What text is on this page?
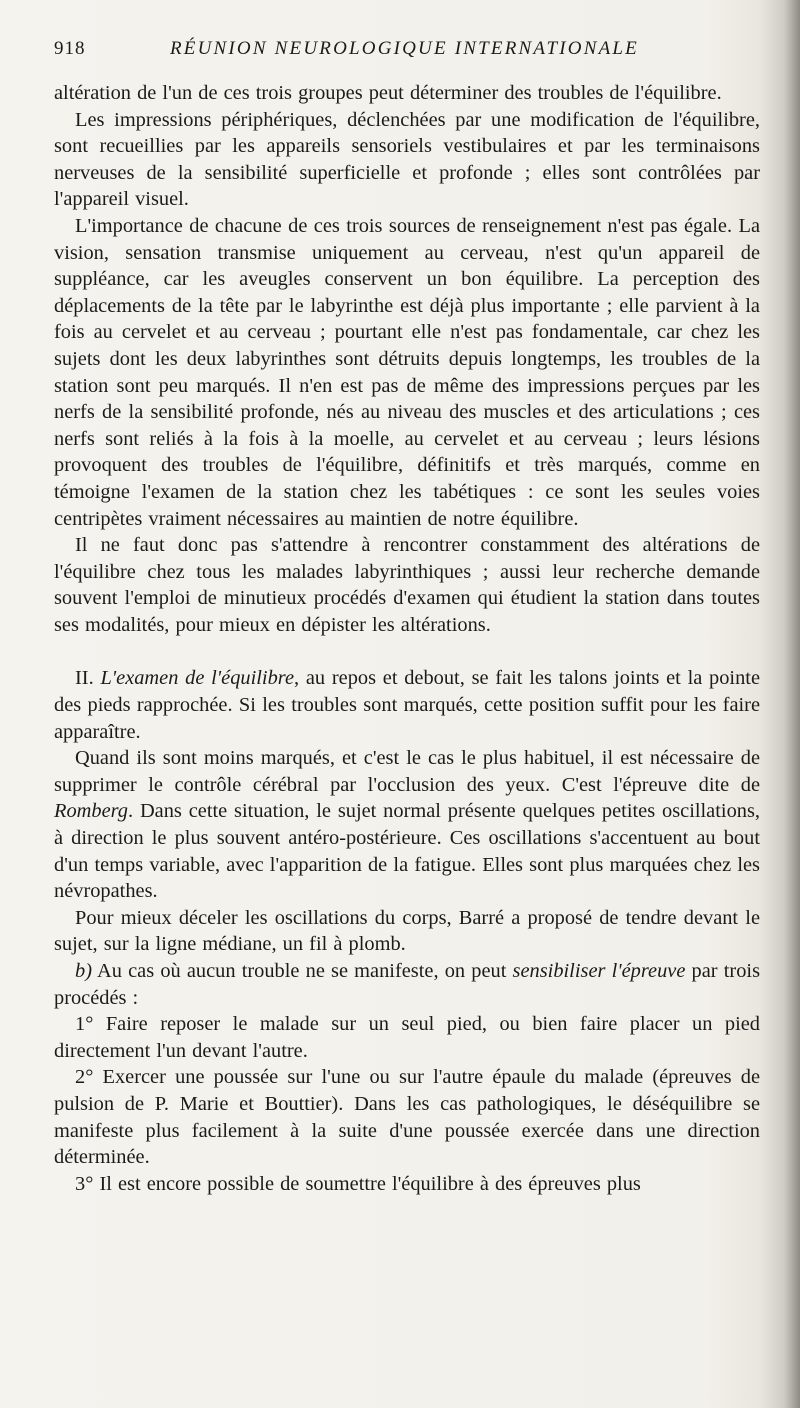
918	RÉUNION NEUROLOGIQUE INTERNATIONALE

altération de l'un de ces trois groupes peut déterminer des troubles de l'équilibre.

Les impressions périphériques, déclenchées par une modification de l'équilibre, sont recueillies par les appareils sensoriels vestibulaires et par les terminaisons nerveuses de la sensibilité superficielle et profonde ; elles sont contrôlées par l'appareil visuel.

L'importance de chacune de ces trois sources de renseignement n'est pas égale. La vision, sensation transmise uniquement au cerveau, n'est qu'un appareil de suppléance, car les aveugles conservent un bon équilibre. La perception des déplacements de la tête par le labyrinthe est déjà plus importante ; elle parvient à la fois au cervelet et au cerveau ; pourtant elle n'est pas fondamentale, car chez les sujets dont les deux labyrinthes sont détruits depuis longtemps, les troubles de la station sont peu marqués. Il n'en est pas de même des impressions perçues par les nerfs de la sensibilité profonde, nés au niveau des muscles et des articulations ; ces nerfs sont reliés à la fois à la moelle, au cervelet et au cerveau ; leurs lésions provoquent des troubles de l'équilibre, définitifs et très marqués, comme en témoigne l'examen de la station chez les tabétiques : ce sont les seules voies centripètes vraiment nécessaires au maintien de notre équilibre.

Il ne faut donc pas s'attendre à rencontrer constamment des altérations de l'équilibre chez tous les malades labyrinthiques ; aussi leur recherche demande souvent l'emploi de minutieux procédés d'examen qui étudient la station dans toutes ses modalités, pour mieux en dépister les altérations.

II. L'examen de l'équilibre, au repos et debout, se fait les talons joints et la pointe des pieds rapprochée. Si les troubles sont marqués, cette position suffit pour les faire apparaître.

Quand ils sont moins marqués, et c'est le cas le plus habituel, il est nécessaire de supprimer le contrôle cérébral par l'occlusion des yeux. C'est l'épreuve dite de Romberg. Dans cette situation, le sujet normal présente quelques petites oscillations, à direction le plus souvent antéro-postérieure. Ces oscillations s'accentuent au bout d'un temps variable, avec l'apparition de la fatigue. Elles sont plus marquées chez les névropathes.

Pour mieux déceler les oscillations du corps, Barré a proposé de tendre devant le sujet, sur la ligne médiane, un fil à plomb.

b) Au cas où aucun trouble ne se manifeste, on peut sensibiliser l'épreuve par trois procédés :

1° Faire reposer le malade sur un seul pied, ou bien faire placer un pied directement l'un devant l'autre.

2° Exercer une poussée sur l'une ou sur l'autre épaule du malade (épreuves de pulsion de P. Marie et Bouttier). Dans les cas pathologiques, le déséquilibre se manifeste plus facilement à la suite d'une poussée exercée dans une direction déterminée.

3° Il est encore possible de soumettre l'équilibre à des épreuves plus
